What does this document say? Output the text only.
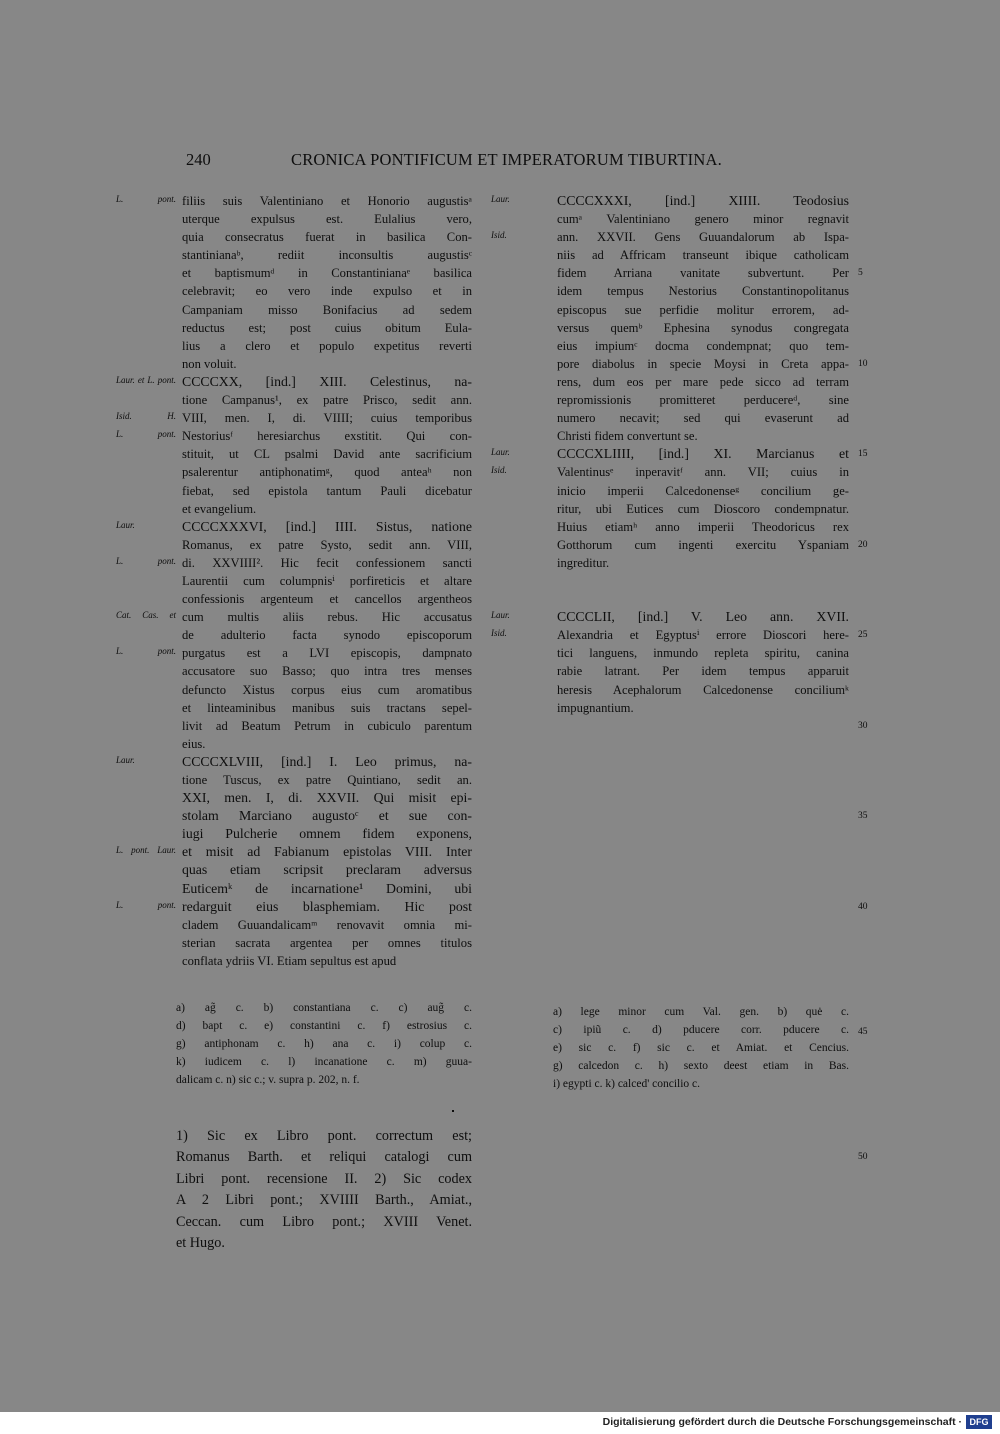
240	CRONICA PONTIFICUM ET IMPERATORUM TIBURTINA.
filiis suis Valentiniano et Honorio augustisᵃ
L. pont.
uterque expulsus est. Eulalius vero,
quia consecratus fuerat in basilica Con-
stantinianaᵇ, rediit inconsultis augustisᶜ
et baptismumᵈ in Constantinianaᵉ basilica
celebravit; eo vero inde expulso et in
Campaniam misso Bonifacius ad sedem
reductus est; post cuius obitum Eula-
lius a clero et populo expetitus reverti
non voluit.
CCCCXX, [ind.] XIII. Celestinus, na-
Laur. et L. pont.
tione Campanus¹, ex patre Prisco, sedit ann.
VIII, men. I, di. VIIII; cuius temporibus
Isid. H.
Nestoriusᶠ heresiarchus exstitit. Qui con-
L. pont.
stituit, ut CL psalmi David ante sacrificium
psalerentur antiphonatimᵍ, quod anteaʰ non
fiebat, sed epistola tantum Pauli dicebatur
et evangelium.
CCCCXXXVI, [ind.] IIII. Sistus, natione
Laur.
Romanus, ex patre Systo, sedit ann. VIII,
di. XXVIIII². Hic fecit confessionem sancti
L. pont.
Laurentii cum columpnisⁱ porfireticis et altare
confessionis argenteum et cancellos argentheos
cum multis aliis rebus. Hic accusatus
Cat. Cas. et
de adulterio facta synodo episcoporum
purgatus est a LVI episcopis, dampnato
L. pont.
accusatore suo Basso; quo intra tres menses
defuncto Xistus corpus eius cum aromatibus
et linteaminibus manibus suis tractans sepel-
livit ad Beatum Petrum in cubiculo parentum
eius.
CCCCXLVIII, [ind.] I. Leo primus, na-
Laur.
tione Tuscus, ex patre Quintiano, sedit an.
XXI, men. I, di. XXVII. Qui misit epi-
stolam Marciano augustoᶜ et sue con-
iugi Pulcherie omnem fidem exponens,
et misit ad Fabianum epistolas VIII. Inter
L. pont. Laur.
quas etiam scripsit preclaram adversus
Euticemᵏ de incarnatione¹ Domini, ubi
redarguit eius blasphemiam. Hic post
L. pont.
cladem Guuandalicamᵐ renovavit omnia mi-
sterian sacrata argentea per omnes titulos
conflata ydriis VI. Etiam sepultus est apud
CCCCXXXI, [ind.] XIIII. Teodosius
Laur.
cumᵃ Valentiniano genero minor regnavit
ann. XXVII. Gens Guuandalorum ab Ispa-
Isid.
niis ad Affricam transeunt ibique catholicam
fidem Arriana vanitate subvertunt. Per
idem tempus Nestorius Constantinopolitanus
episcopus sue perfidie molitur errorem, ad-
versus quemᵇ Ephesina synodus congregata
eius impiumᶜ docma condempnat; quo tem-
pore diabolus in specie Moysi in Creta appa-
rens, dum eos per mare pede sicco ad terram
repromissionis promitteret perducereᵈ, sine
numero necavit; sed qui evaserunt ad
Christi fidem convertunt se.
CCCCXLIIII, [ind.] XI. Marcianus et
Laur.
Valentinusᵉ inperavitᶠ ann. VII; cuius in
Isid.
inicio imperii Calcedonenseᵍ concilium ge-
ritur, ubi Eutices cum Dioscoro condempnatur.
Huius etiamʰ anno imperii Theodoricus rex
Gotthorum cum ingenti exercitu Yspaniam
ingreditur.
CCCCLII, [ind.] V. Leo ann. XVII.
Laur.
Alexandria et Egyptusⁱ errore Dioscori here-
Isid.
tici languens, inmundo repleta spiritu, canina
rabie latrant. Per idem tempus apparuit
heresis Acephalorum Calcedonense conciliumᵏ
impugnantium.
5
10
15
20
25
30
35
40
45
50
a) ag̃ c. b) constantiana c. c) aug̃ c.
d) bapt c. e) constantini c. f) estrosius c.
g) antiphonam c. h) ana c. i) colup c.
k) iudicem c. l) incanatione c. m) guua-
dalicam c. n) sic c.; v. supra p. 202, n. f.
a) lege minor cum Val. gen. b) quė c.
c) ipiũ c. d) pducere corr. pducere c.
e) sic c. f) sic c. et Amiat. et Cencius.
g) calcedon c. h) sexto deest etiam in Bas.
i) egypti c. k) calced' concilio c.
1) Sic ex Libro pont. correctum est;
Romanus Barth. et reliqui catalogi cum
Libri pont. recensione II. 2) Sic codex
A 2 Libri pont.; XVIIII Barth., Amiat.,
Ceccan. cum Libro pont.; XVIII Venet.
et Hugo.
Digitalisierung gefördert durch die Deutsche Forschungsgemeinschaft · DFG
